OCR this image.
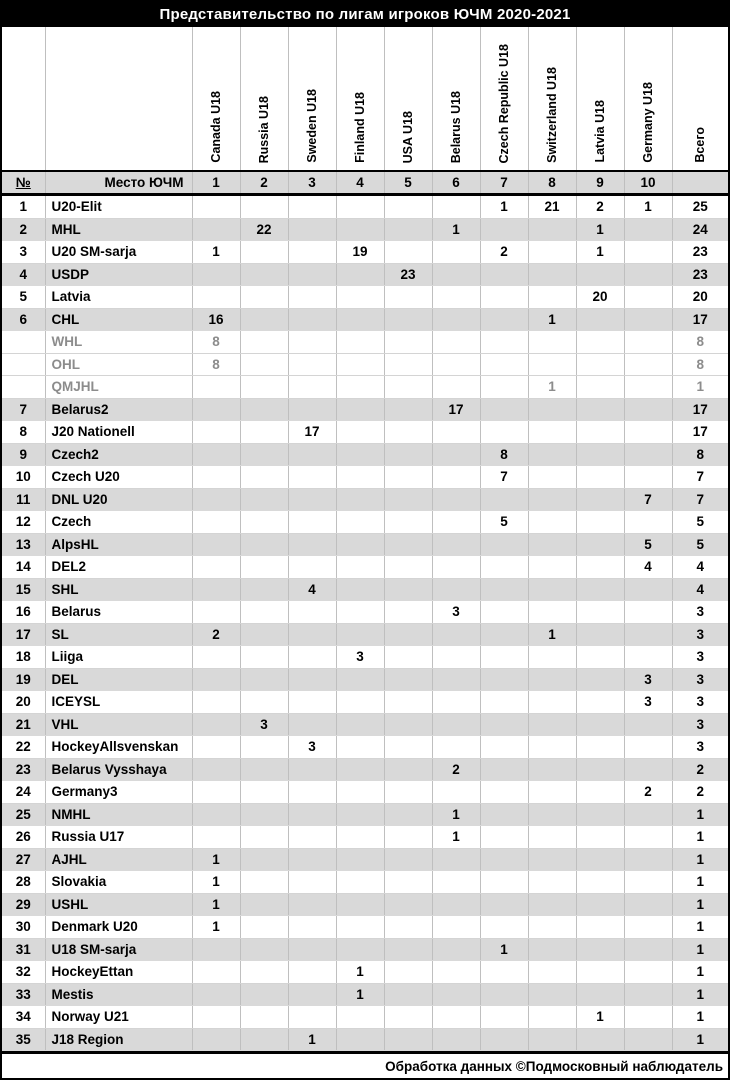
Представительство по лигам игроков ЮЧМ 2020-2021

		Canada U18	Russia U18	Sweden U18	Finland U18	USA U18	Belarus U18	Czech Republic U18	Switzerland U18	Latvia U18	Germany U18	Всего

№	Место ЮЧМ	1	2	3	4	5	6	7	8	9	10	
1	U20-Elit							1	21	2	1	25
2	MHL		22				1			1		24
3	U20 SM-sarja	1			19			2		1		23
4	USDP					23						23
5	Latvia									20		20
6	CHL	16							1			17
	WHL	8										8
	OHL	8										8
	QMJHL								1			1
7	Belarus2						17					17
8	J20 Nationell			17								17
9	Czech2							8				8
10	Czech U20							7				7
11	DNL U20										7	7
12	Czech							5				5
13	AlpsHL										5	5
14	DEL2										4	4
15	SHL			4								4
16	Belarus						3					3
17	SL	2							1			3
18	Liiga				3							3
19	DEL										3	3
20	ICEYSL										3	3
21	VHL		3									3
22	HockeyAllsvenskan			3								3
23	Belarus Vysshaya						2					2
24	Germany3										2	2
25	NMHL						1					1
26	Russia U17						1					1
27	AJHL	1										1
28	Slovakia	1										1
29	USHL	1										1
30	Denmark U20	1										1
31	U18 SM-sarja							1				1
32	HockeyEttan				1							1
33	Mestis				1							1
34	Norway U21									1		1
35	J18 Region			1								1
Обработка данных ©Подмосковный наблюдатель
